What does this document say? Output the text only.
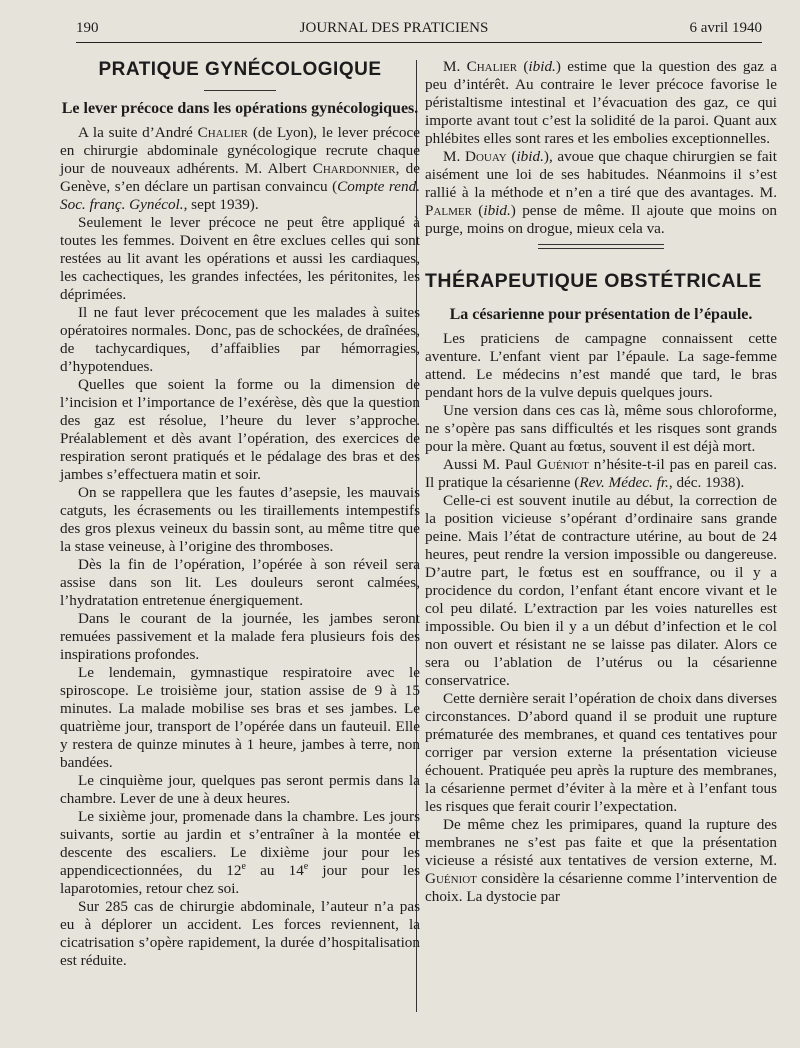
190	JOURNAL DES PRATICIENS	6 avril 1940
PRATIQUE GYNÉCOLOGIQUE
Le lever précoce dans les opérations gynécologiques.

A la suite d’André Chalier (de Lyon), le lever précoce en chirurgie abdominale gynécologique recrute chaque jour de nouveaux adhérents. M. Albert Chardonnier, de Genève, s’en déclare un partisan convaincu (Compte rend. Soc. franç. Gynécol., sept 1939).

Seulement le lever précoce ne peut être appliqué à toutes les femmes. Doivent en être exclues celles qui sont restées au lit avant les opérations et aussi les cardiaques, les cachectiques, les grandes infectées, les péritonites, les déprimées.

Il ne faut lever précocement que les malades à suites opératoires normales. Donc, pas de schockées, de draînées, de tachycardiques, d’affaiblies par hémorragies, d’hypotendues.

Quelles que soient la forme ou la dimension de l’incision et l’importance de l’exérèse, dès que la question des gaz est résolue, l’heure du lever s’approche. Préalablement et dès avant l’opération, des exercices de respiration seront pratiqués et le pédalage des bras et des jambes s’effectuera matin et soir.

On se rappellera que les fautes d’asepsie, les mauvais catguts, les écrasements ou les tiraillements intempestifs des gros plexus veineux du bassin sont, au même titre que la stase veineuse, à l’origine des thromboses.

Dès la fin de l’opération, l’opérée à son réveil sera assise dans son lit. Les douleurs seront calmées, l’hydratation entretenue énergiquement.

Dans le courant de la journée, les jambes seront remuées passivement et la malade fera plusieurs fois des inspirations profondes.

Le lendemain, gymnastique respiratoire avec le spiroscope. Le troisième jour, station assise de 9 à 15 minutes. La malade mobilise ses bras et ses jambes. Le quatrième jour, transport de l’opérée dans un fauteuil. Elle y restera de quinze minutes à 1 heure, jambes à terre, non bandées.

Le cinquième jour, quelques pas seront permis dans la chambre. Lever de une à deux heures.

Le sixième jour, promenade dans la chambre. Les jours suivants, sortie au jardin et s’entraîner à la montée et descente des escaliers. Le dixième jour pour les appendicectionnées, du 12e au 14e jour pour les laparotomies, retour chez soi.

Sur 285 cas de chirurgie abdominale, l’auteur n’a pas eu à déplorer un accident. Les forces reviennent, la cicatrisation s’opère rapidement, la durée d’hospitalisation est réduite.

M. Chalier (ibid.) estime que la question des gaz a peu d’intérêt. Au contraire le lever précoce favorise le péristaltisme intestinal et l’évacuation des gaz, ce qui importe avant tout c’est la solidité de la paroi. Quant aux phlébites elles sont rares et les embolies exceptionnelles.

M. Douay (ibid.), avoue que chaque chirurgien se fait aisément une loi de ses habitudes. Néanmoins il s’est rallié à la méthode et n’en a tiré que des avantages. M. Palmer (ibid.) pense de même. Il ajoute que moins on purge, moins on drogue, mieux cela va.

THÉRAPEUTIQUE OBSTÉTRICALE
La césarienne pour présentation de l’épaule.

Les praticiens de campagne connaissent cette aventure. L’enfant vient par l’épaule. La sage-femme attend. Le médecins n’est mandé que tard, le bras pendant hors de la vulve depuis quelques jours.

Une version dans ces cas là, même sous chloroforme, ne s’opère pas sans difficultés et les risques sont grands pour la mère. Quant au fœtus, souvent il est déjà mort.

Aussi M. Paul Guéniot n’hésite-t-il pas en pareil cas. Il pratique la césarienne (Rev. Médec. fr., déc. 1938).

Celle-ci est souvent inutile au début, la correction de la position vicieuse s’opérant d’ordinaire sans grande peine. Mais l’état de contracture utérine, au bout de 24 heures, peut rendre la version impossible ou dangereuse. D’autre part, le fœtus est en souffrance, ou il y a procidence du cordon, l’enfant étant encore vivant et le col peu dilaté. L’extraction par les voies naturelles est impossible. Ou bien il y a un début d’infection et le col non ouvert et résistant ne se laisse pas dilater. Alors ce sera ou l’ablation de l’utérus ou la césarienne conservatrice.

Cette dernière serait l’opération de choix dans diverses circonstances. D’abord quand il se produit une rupture prématurée des membranes, et quand ces tentatives pour corriger par version externe la présentation vicieuse échouent. Pratiquée peu après la rupture des membranes, la césarienne permet d’éviter à la mère et à l’enfant tous les risques que ferait courir l’expectation.

De même chez les primipares, quand la rupture des membranes ne s’est pas faite et que la présentation vicieuse a résisté aux tentatives de version externe, M. Guéniot considère la césarienne comme l’intervention de choix. La dystocie par
